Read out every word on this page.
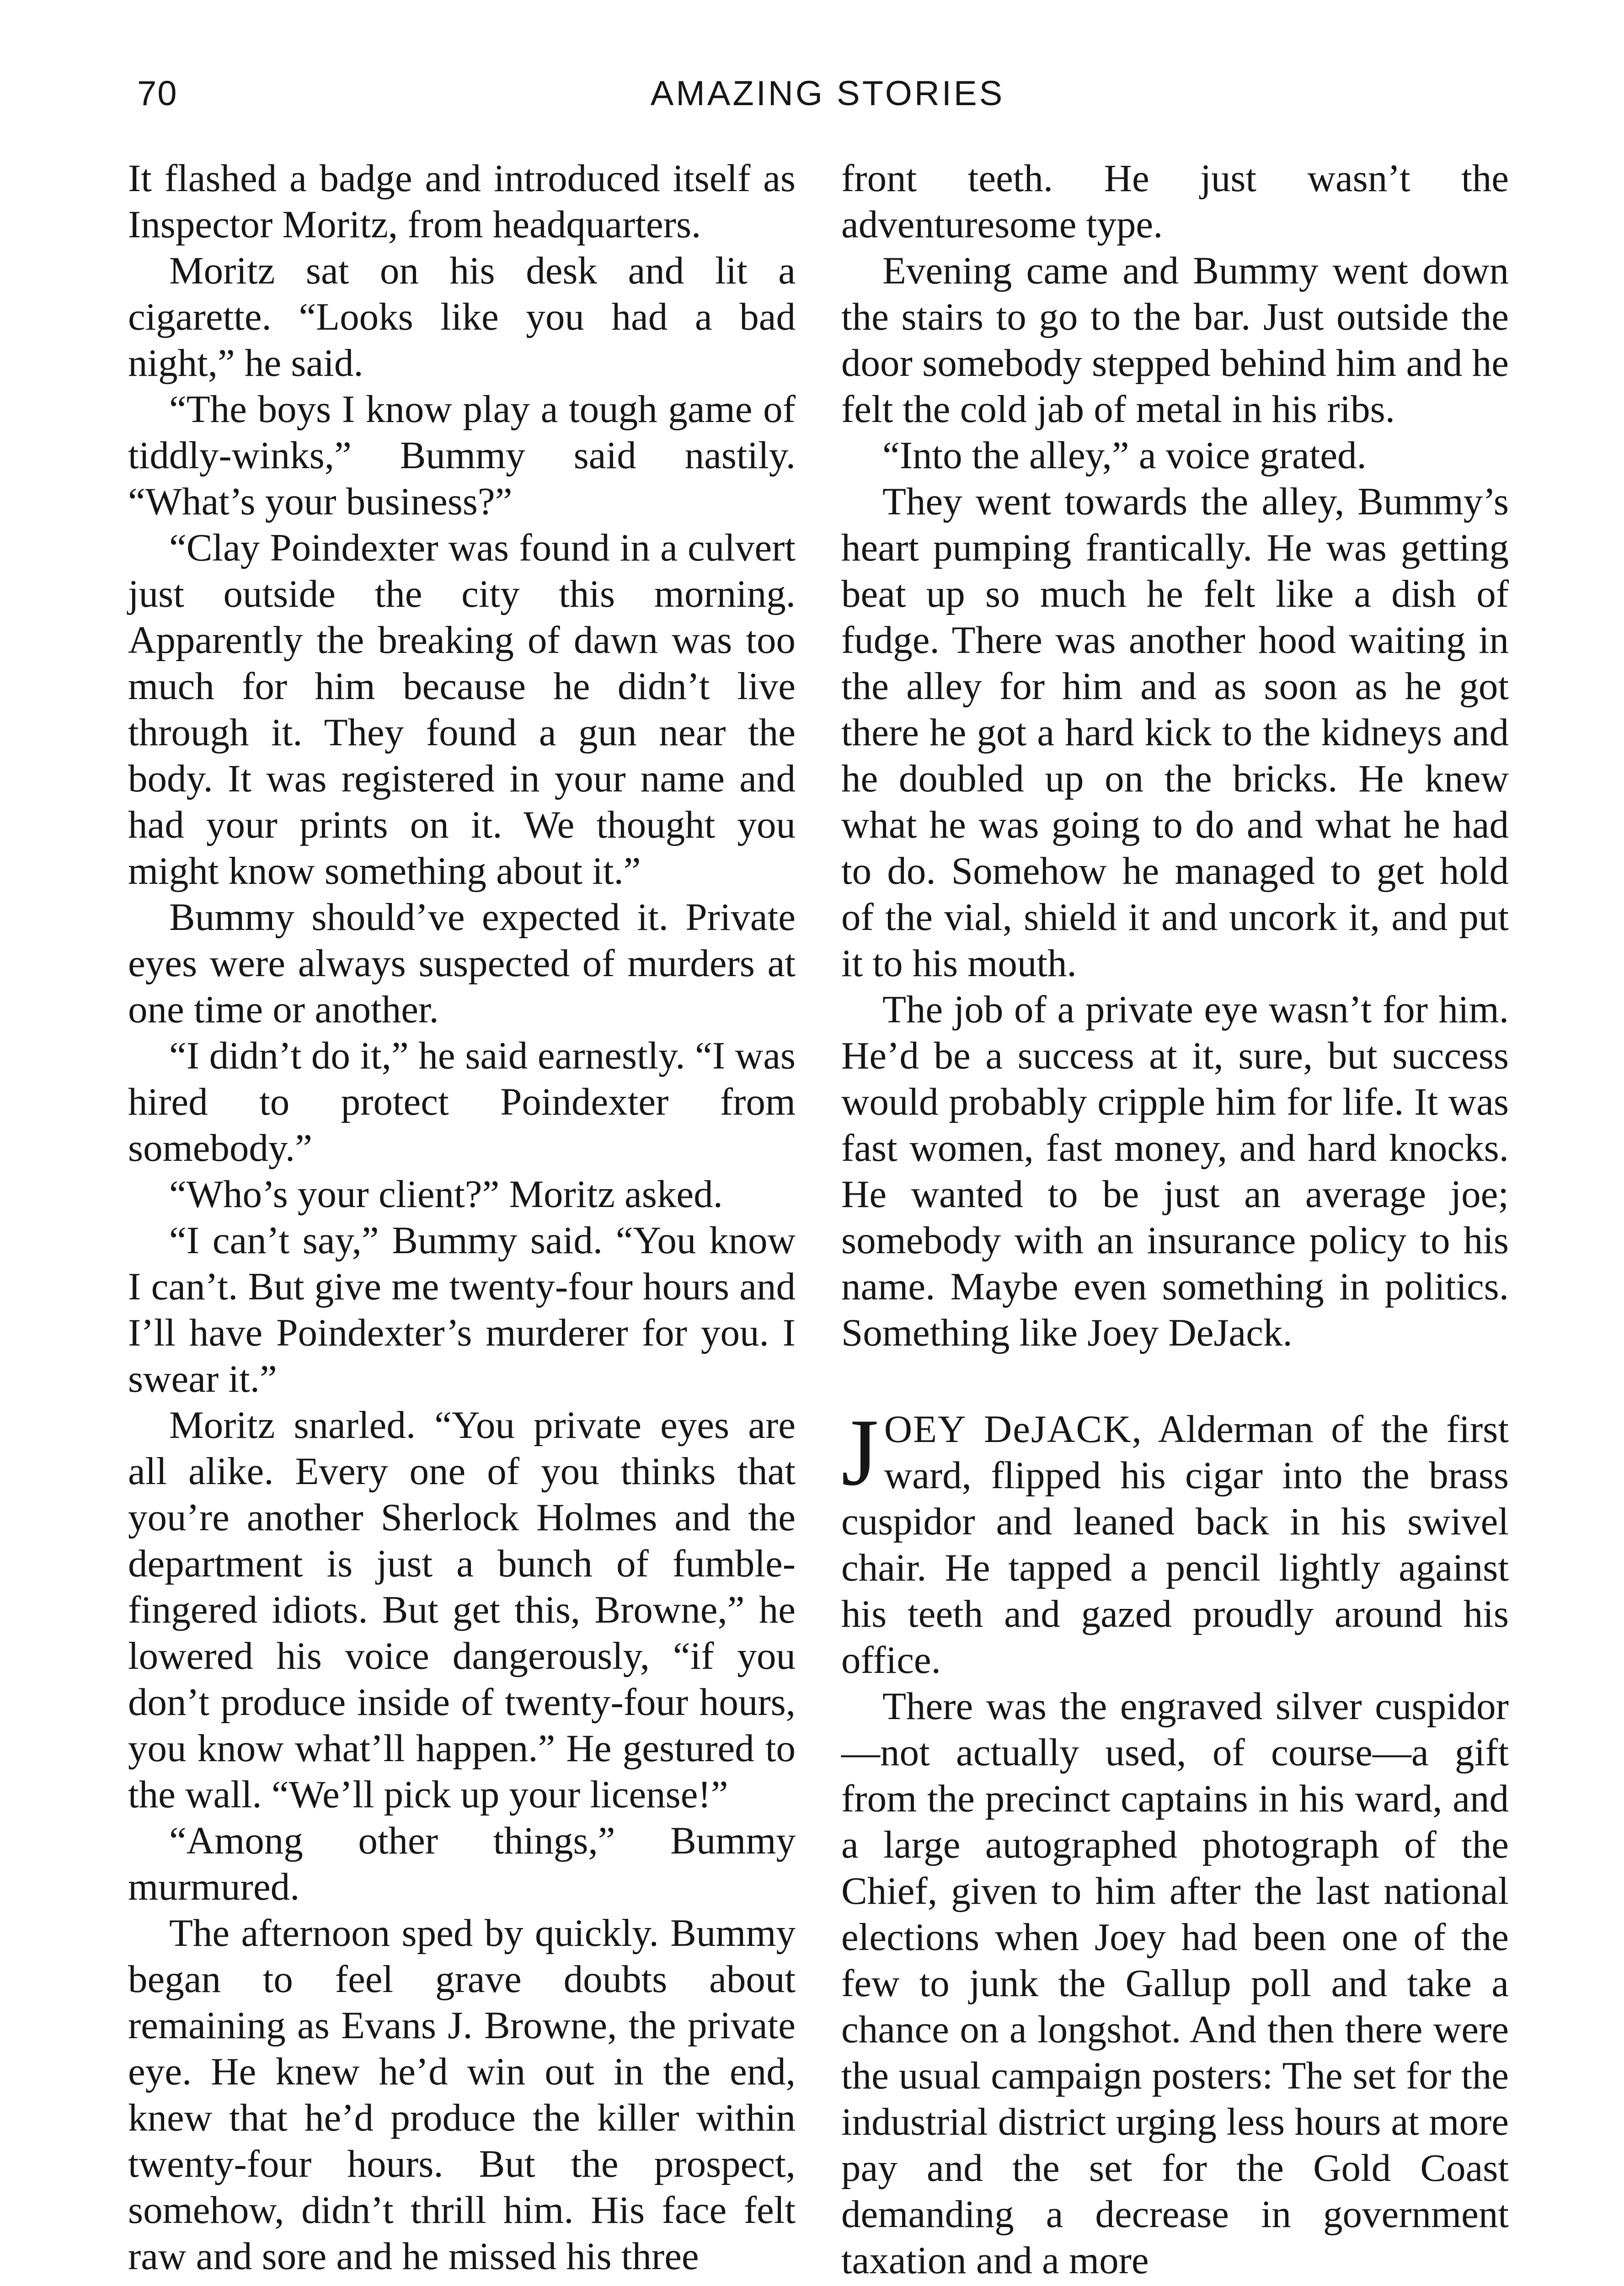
70	AMAZING STORIES

It flashed a badge and introduced itself as Inspector Moritz, from headquarters.

Moritz sat on his desk and lit a cigarette. “Looks like you had a bad night,” he said.

“The boys I know play a tough game of tiddly-winks,” Bummy said nastily. “What’s your business?”

“Clay Poindexter was found in a culvert just outside the city this morning. Apparently the breaking of dawn was too much for him because he didn’t live through it. They found a gun near the body. It was registered in your name and had your prints on it. We thought you might know something about it.”

Bummy should’ve expected it. Private eyes were always suspected of murders at one time or another.

“I didn’t do it,” he said earnestly. “I was hired to protect Poindexter from somebody.”

“Who’s your client?” Moritz asked.

“I can’t say,” Bummy said. “You know I can’t. But give me twenty-four hours and I’ll have Poindexter’s murderer for you. I swear it.”

Moritz snarled. “You private eyes are all alike. Every one of you thinks that you’re another Sherlock Holmes and the department is just a bunch of fumble-fingered idiots. But get this, Browne,” he lowered his voice dangerously, “if you don’t produce inside of twenty-four hours, you know what’ll happen.” He gestured to the wall. “We’ll pick up your license!”

“Among other things,” Bummy murmured.

The afternoon sped by quickly. Bummy began to feel grave doubts about remaining as Evans J. Browne, the private eye. He knew he’d win out in the end, knew that he’d produce the killer within twenty-four hours. But the prospect, somehow, didn’t thrill him. His face felt raw and sore and he missed his three

front teeth. He just wasn’t the adventuresome type.

Evening came and Bummy went down the stairs to go to the bar. Just outside the door somebody stepped behind him and he felt the cold jab of metal in his ribs.

“Into the alley,” a voice grated.

They went towards the alley, Bummy’s heart pumping frantically. He was getting beat up so much he felt like a dish of fudge. There was another hood waiting in the alley for him and as soon as he got there he got a hard kick to the kidneys and he doubled up on the bricks. He knew what he was going to do and what he had to do. Somehow he managed to get hold of the vial, shield it and uncork it, and put it to his mouth.

The job of a private eye wasn’t for him. He’d be a success at it, sure, but success would probably cripple him for life. It was fast women, fast money, and hard knocks. He wanted to be just an average joe; somebody with an insurance policy to his name. Maybe even something in politics. Something like Joey DeJack.

JOEY DeJACK, Alderman of the first ward, flipped his cigar into the brass cuspidor and leaned back in his swivel chair. He tapped a pencil lightly against his teeth and gazed proudly around his office.

There was the engraved silver cuspidor—not actually used, of course—a gift from the precinct captains in his ward, and a large autographed photograph of the Chief, given to him after the last national elections when Joey had been one of the few to junk the Gallup poll and take a chance on a longshot. And then there were the usual campaign posters: The set for the industrial district urging less hours at more pay and the set for the Gold Coast demanding a decrease in government taxation and a more
